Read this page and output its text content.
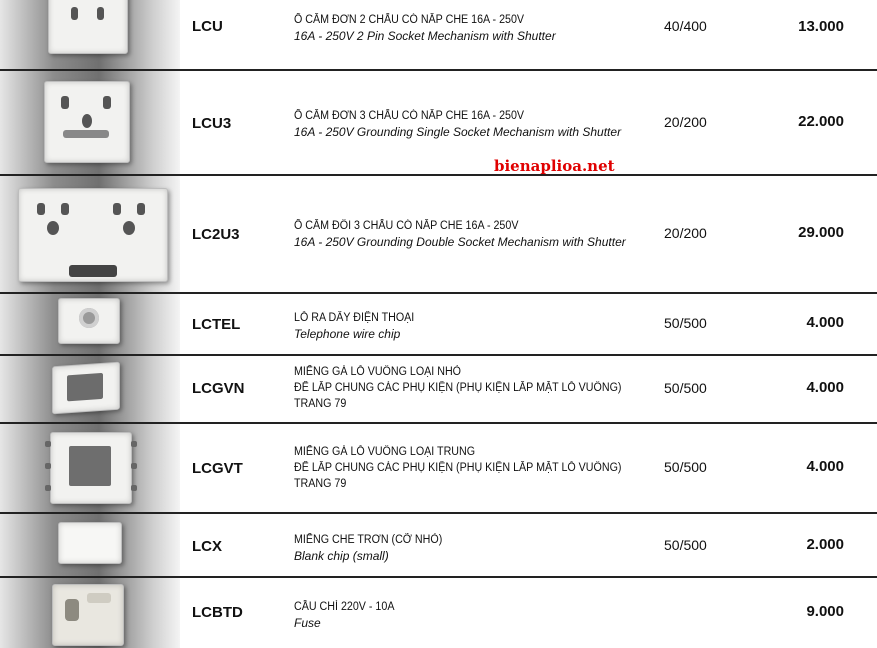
LCU	Ổ CẮM ĐƠN 2 CHẤU CÓ NẮP CHE 16A - 250V
16A - 250V 2 Pin Socket Mechanism with Shutter
40/400	13.000
LCU3	Ổ CẮM ĐƠN 3 CHẤU CÓ NẮP CHE 16A - 250V
16A - 250V Grounding Single Socket Mechanism with Shutter
20/200	22.000
LC2U3	Ổ CẮM ĐÔI 3 CHẤU CÓ NẮP CHE 16A - 250V
16A - 250V Grounding Double Socket Mechanism with Shutter
20/200	29.000
LCTEL	LỖ RA DÂY ĐIỆN THOẠI
Telephone wire chip
50/500	4.000
LCGVN
MIẾNG GÁ LỖ VUÔNG LOẠI NHỎ
ĐỂ LẮP CHUNG CÁC PHỤ KIỆN (PHỤ KIỆN LẮP MẶT LỖ VUÔNG)
TRANG 79
50/500	4.000
LCGVT
MIẾNG GÁ LỖ VUÔNG LOẠI TRUNG
ĐỂ LẮP CHUNG CÁC PHỤ KIỆN (PHỤ KIỆN LẮP MẶT LỖ VUÔNG)
TRANG 79
50/500	4.000
LCX	MIẾNG CHE TRƠN (CỠ NHỎ)
Blank chip (small)
50/500	2.000
LCBTD	CẦU CHÌ 220V - 10A
Fuse
9.000
bienaplioa.net
